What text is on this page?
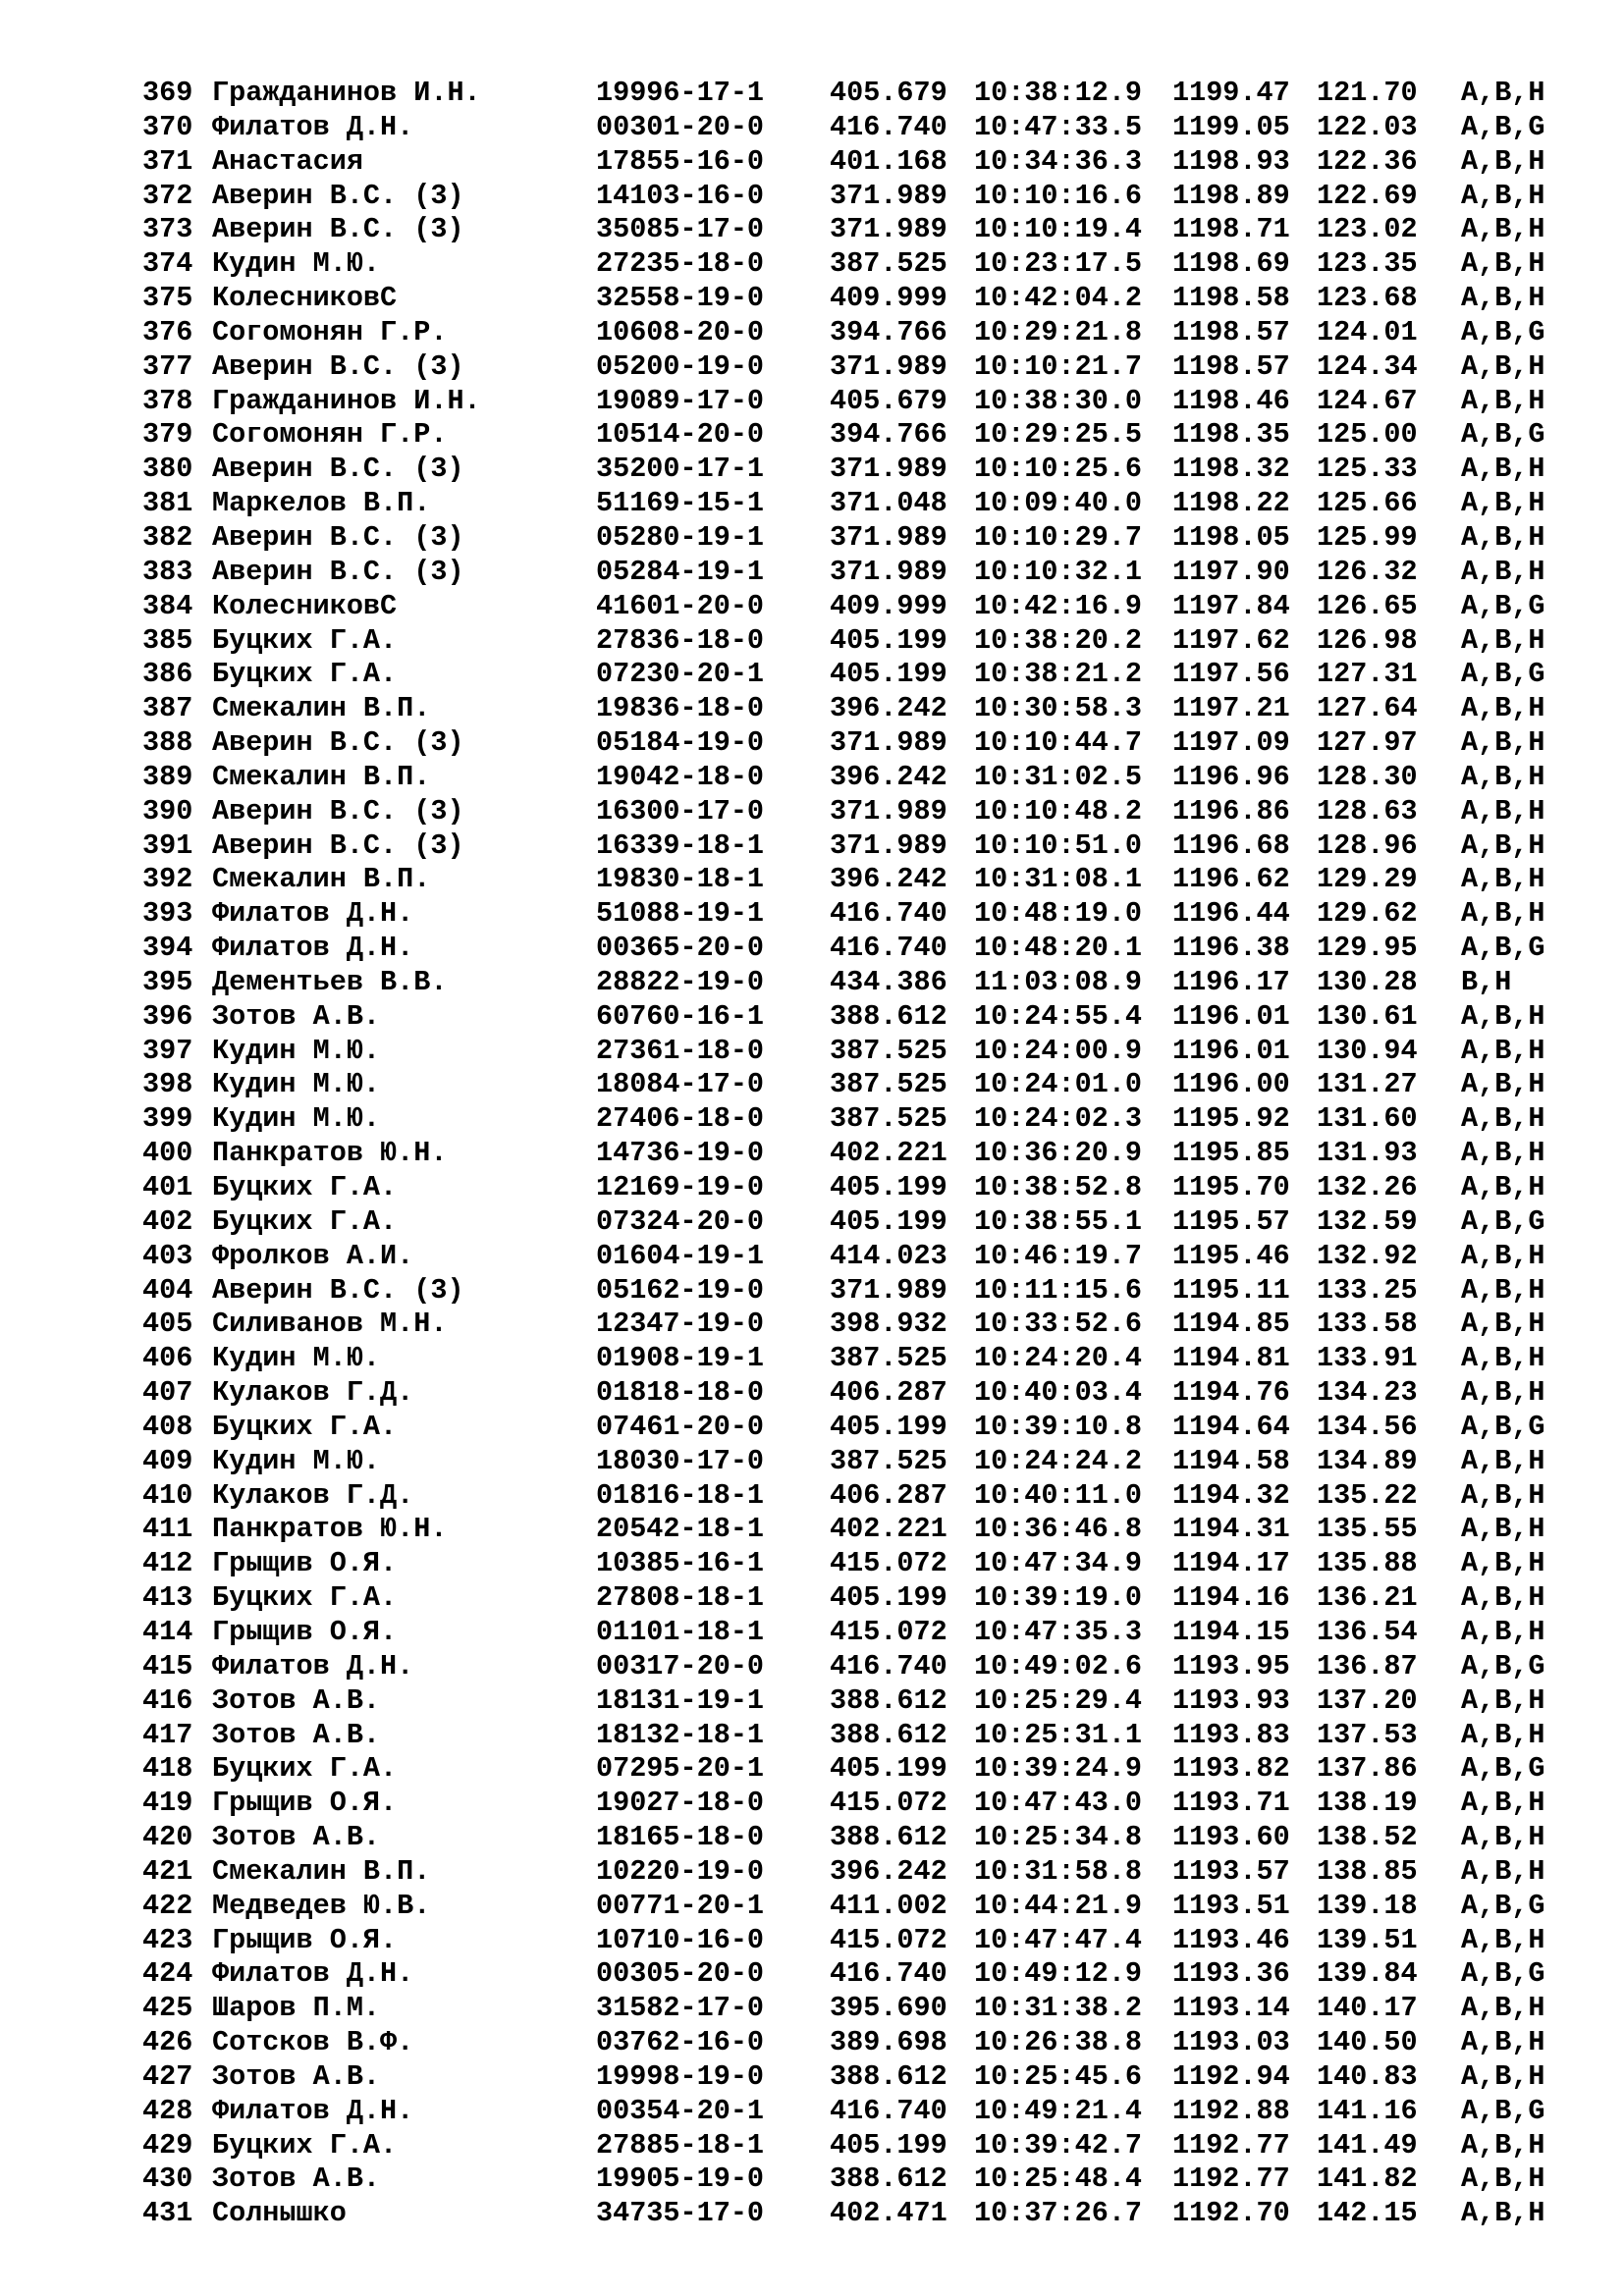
369 Гражданинов И.Н.	19996-17-1 405.679 10:38:12.9 1199.47 121.70 A,B,H
370 Филатов Д.Н.	00301-20-0 416.740 10:47:33.5 1199.05 122.03 A,B,G
371 Анастасия	17855-16-0 401.168 10:34:36.3 1198.93 122.36 A,B,H
372 Аверин В.С. (3)	14103-16-0 371.989 10:10:16.6 1198.89 122.69 A,B,H
373 Аверин В.С. (3)	35085-17-0 371.989 10:10:19.4 1198.71 123.02 A,B,H
374 Кудин М.Ю.	27235-18-0 387.525 10:23:17.5 1198.69 123.35 A,B,H
375 КолесниковС	32558-19-0 409.999 10:42:04.2 1198.58 123.68 A,B,H
376 Согомонян Г.Р.	10608-20-0 394.766 10:29:21.8 1198.57 124.01 A,B,G
377 Аверин В.С. (3)	05200-19-0 371.989 10:10:21.7 1198.57 124.34 A,B,H
378 Гражданинов И.Н.	19089-17-0 405.679 10:38:30.0 1198.46 124.67 A,B,H
379 Согомонян Г.Р.	10514-20-0 394.766 10:29:25.5 1198.35 125.00 A,B,G
380 Аверин В.С. (3)	35200-17-1 371.989 10:10:25.6 1198.32 125.33 A,B,H
381 Маркелов В.П.	51169-15-1 371.048 10:09:40.0 1198.22 125.66 A,B,H
382 Аверин В.С. (3)	05280-19-1 371.989 10:10:29.7 1198.05 125.99 A,B,H
383 Аверин В.С. (3)	05284-19-1 371.989 10:10:32.1 1197.90 126.32 A,B,H
384 КолесниковС	41601-20-0 409.999 10:42:16.9 1197.84 126.65 A,B,G
385 Буцких Г.А.	27836-18-0 405.199 10:38:20.2 1197.62 126.98 A,B,H
386 Буцких Г.А.	07230-20-1 405.199 10:38:21.2 1197.56 127.31 A,B,G
387 Смекалин В.П.	19836-18-0 396.242 10:30:58.3 1197.21 127.64 A,B,H
388 Аверин В.С. (3)	05184-19-0 371.989 10:10:44.7 1197.09 127.97 A,B,H
389 Смекалин В.П.	19042-18-0 396.242 10:31:02.5 1196.96 128.30 A,B,H
390 Аверин В.С. (3)	16300-17-0 371.989 10:10:48.2 1196.86 128.63 A,B,H
391 Аверин В.С. (3)	16339-18-1 371.989 10:10:51.0 1196.68 128.96 A,B,H
392 Смекалин В.П.	19830-18-1 396.242 10:31:08.1 1196.62 129.29 A,B,H
393 Филатов Д.Н.	51088-19-1 416.740 10:48:19.0 1196.44 129.62 A,B,H
394 Филатов Д.Н.	00365-20-0 416.740 10:48:20.1 1196.38 129.95 A,B,G
395 Дементьев В.В.	28822-19-0 434.386 11:03:08.9 1196.17 130.28 B,H
396 Зотов А.В.	60760-16-1 388.612 10:24:55.4 1196.01 130.61 A,B,H
397 Кудин М.Ю.	27361-18-0 387.525 10:24:00.9 1196.01 130.94 A,B,H
398 Кудин М.Ю.	18084-17-0 387.525 10:24:01.0 1196.00 131.27 A,B,H
399 Кудин М.Ю.	27406-18-0 387.525 10:24:02.3 1195.92 131.60 A,B,H
400 Панкратов Ю.Н.	14736-19-0 402.221 10:36:20.9 1195.85 131.93 A,B,H
401 Буцких Г.А.	12169-19-0 405.199 10:38:52.8 1195.70 132.26 A,B,H
402 Буцких Г.А.	07324-20-0 405.199 10:38:55.1 1195.57 132.59 A,B,G
403 Фролков А.И.	01604-19-1 414.023 10:46:19.7 1195.46 132.92 A,B,H
404 Аверин В.С. (3)	05162-19-0 371.989 10:11:15.6 1195.11 133.25 A,B,H
405 Силиванов М.Н.	12347-19-0 398.932 10:33:52.6 1194.85 133.58 A,B,H
406 Кудин М.Ю.	01908-19-1 387.525 10:24:20.4 1194.81 133.91 A,B,H
407 Кулаков Г.Д.	01818-18-0 406.287 10:40:03.4 1194.76 134.23 A,B,H
408 Буцких Г.А.	07461-20-0 405.199 10:39:10.8 1194.64 134.56 A,B,G
409 Кудин М.Ю.	18030-17-0 387.525 10:24:24.2 1194.58 134.89 A,B,H
410 Кулаков Г.Д.	01816-18-1 406.287 10:40:11.0 1194.32 135.22 A,B,H
411 Панкратов Ю.Н.	20542-18-1 402.221 10:36:46.8 1194.31 135.55 A,B,H
412 Грыщив О.Я.	10385-16-1 415.072 10:47:34.9 1194.17 135.88 A,B,H
413 Буцких Г.А.	27808-18-1 405.199 10:39:19.0 1194.16 136.21 A,B,H
414 Грыщив О.Я.	01101-18-1 415.072 10:47:35.3 1194.15 136.54 A,B,H
415 Филатов Д.Н.	00317-20-0 416.740 10:49:02.6 1193.95 136.87 A,B,G
416 Зотов А.В.	18131-19-1 388.612 10:25:29.4 1193.93 137.20 A,B,H
417 Зотов А.В.	18132-18-1 388.612 10:25:31.1 1193.83 137.53 A,B,H
418 Буцких Г.А.	07295-20-1 405.199 10:39:24.9 1193.82 137.86 A,B,G
419 Грыщив О.Я.	19027-18-0 415.072 10:47:43.0 1193.71 138.19 A,B,H
420 Зотов А.В.	18165-18-0 388.612 10:25:34.8 1193.60 138.52 A,B,H
421 Смекалин В.П.	10220-19-0 396.242 10:31:58.8 1193.57 138.85 A,B,H
422 Медведев Ю.В.	00771-20-1 411.002 10:44:21.9 1193.51 139.18 A,B,G
423 Грыщив О.Я.	10710-16-0 415.072 10:47:47.4 1193.46 139.51 A,B,H
424 Филатов Д.Н.	00305-20-0 416.740 10:49:12.9 1193.36 139.84 A,B,G
425 Шаров П.М.	31582-17-0 395.690 10:31:38.2 1193.14 140.17 A,B,H
426 Сотсков В.Ф.	03762-16-0 389.698 10:26:38.8 1193.03 140.50 A,B,H
427 Зотов А.В.	19998-19-0 388.612 10:25:45.6 1192.94 140.83 A,B,H
428 Филатов Д.Н.	00354-20-1 416.740 10:49:21.4 1192.88 141.16 A,B,G
429 Буцких Г.А.	27885-18-1 405.199 10:39:42.7 1192.77 141.49 A,B,H
430 Зотов А.В.	19905-19-0 388.612 10:25:48.4 1192.77 141.82 A,B,H
431 Солнышко	34735-17-0 402.471 10:37:26.7 1192.70 142.15 A,B,H
